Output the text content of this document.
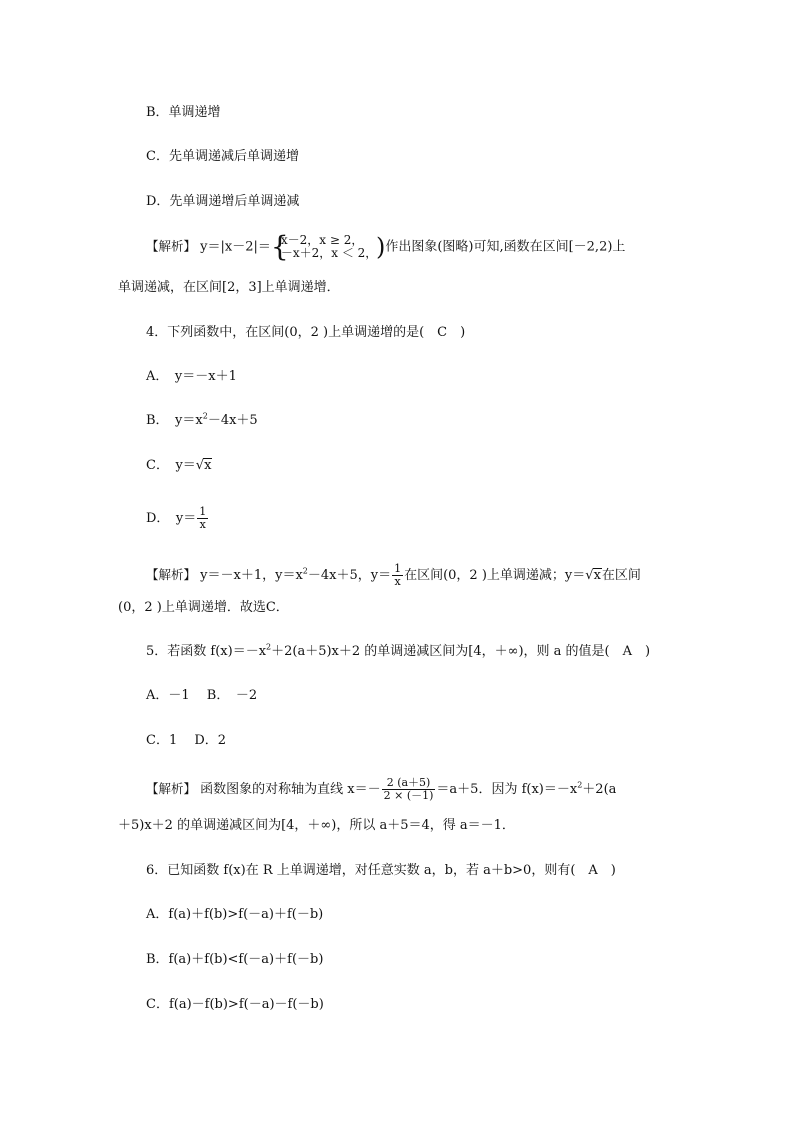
B．单调递增
C．先单调递减后单调递增
D．先单调递增后单调递减
【解析】 y＝|x－2|＝ {
x－2，x ≥ 2，
－x＋2，x ＜ 2，
) 作出图象(图略)可知,函数在区间[－2,2)上
单调递减，在区间[2，3]上单调递增．
4．下列函数中，在区间(0，2 )上单调递增的是(　C　)
A．　y＝－x＋1
B．　$y=x^2-4x+5$
C．　y＝√x
D．　$y= \frac{1}{x}$
【解析】 y＝－x＋1，$y=x^2-4x+5$，$y= \frac{1}{x}$ 在区间(0，2 )上单调递减；y＝√x在区间
(0，2 )上单调递增．故选C．
5．若函数 $f(x)=-x^2+2(a+5)x+2$ 的单调递减区间为[4，＋∞)，则 a 的值是(　A　)
A．－1　 B．　－2
C．1　 D．2
【解析】 函数图象的对称轴为直线 $x=- \frac{2 (a+5)}{2 \times (-1)} =a+5$．因为 $f(x)=-x^2+2(a$
＋5)x＋2 的单调递减区间为[4，＋∞)，所以 a＋5＝4，得 a＝－1．
6．已知函数 f(x)在 R 上单调递增，对任意实数 a，b，若 a＋b>0，则有(　A　)
A．f(a)＋f(b)>f(－a)＋f(－b)
B．f(a)＋f(b)<f(－a)＋f(－b)
C．f(a)－f(b)>f(－a)－f(－b)
